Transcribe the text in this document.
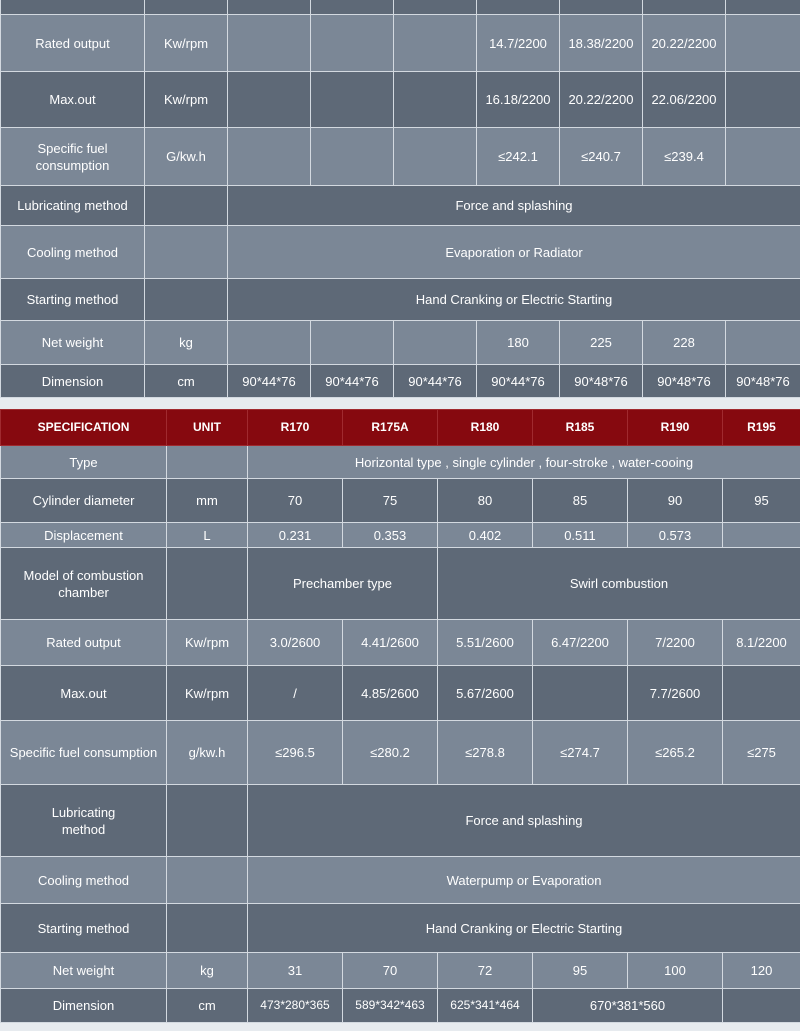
Rated output	Kw/rpm				14.7/2200	18.38/2200	20.22/2200	
Max.out	Kw/rpm				16.18/2200	20.22/2200	22.06/2200	
Specific fuel consumption	G/kw.h				≤242.1	≤240.7	≤239.4	
Lubricating method		Force and splashing						
Cooling method		Evaporation or Radiator						
Starting method		Hand Cranking or Electric Starting						
Net weight	kg				180	225	228	
Dimension	cm	90*44*76	90*44*76	90*44*76	90*44*76	90*48*76	90*48*76	90*48*76
SPECIFICATION	UNIT	R170	R175A	R180	R185	R190	R195
Type		Horizontal type , single cylinder , four-stroke , water-cooing					
Cylinder diameter	mm	70	75	80	85	90	95
Displacement	L	0.231	0.353	0.402	0.511	0.573	
Model of combustion chamber		Prechamber type		Swirl combustion			
Rated output	Kw/rpm	3.0/2600	4.41/2600	5.51/2600	6.47/2200	7/2200	8.1/2200
Max.out	Kw/rpm	/	4.85/2600	5.67/2600		7.7/2600	
Specific fuel consumption	g/kw.h	≤296.5	≤280.2	≤278.8	≤274.7	≤265.2	≤275
Lubricating method		Force and splashing					
Cooling method		Waterpump or Evaporation					
Starting method		Hand Cranking or Electric Starting					
Net weight	kg	31	70	72	95	100	120
Dimension	cm	473*280*365	589*342*463	625*341*464	670*381*560		
